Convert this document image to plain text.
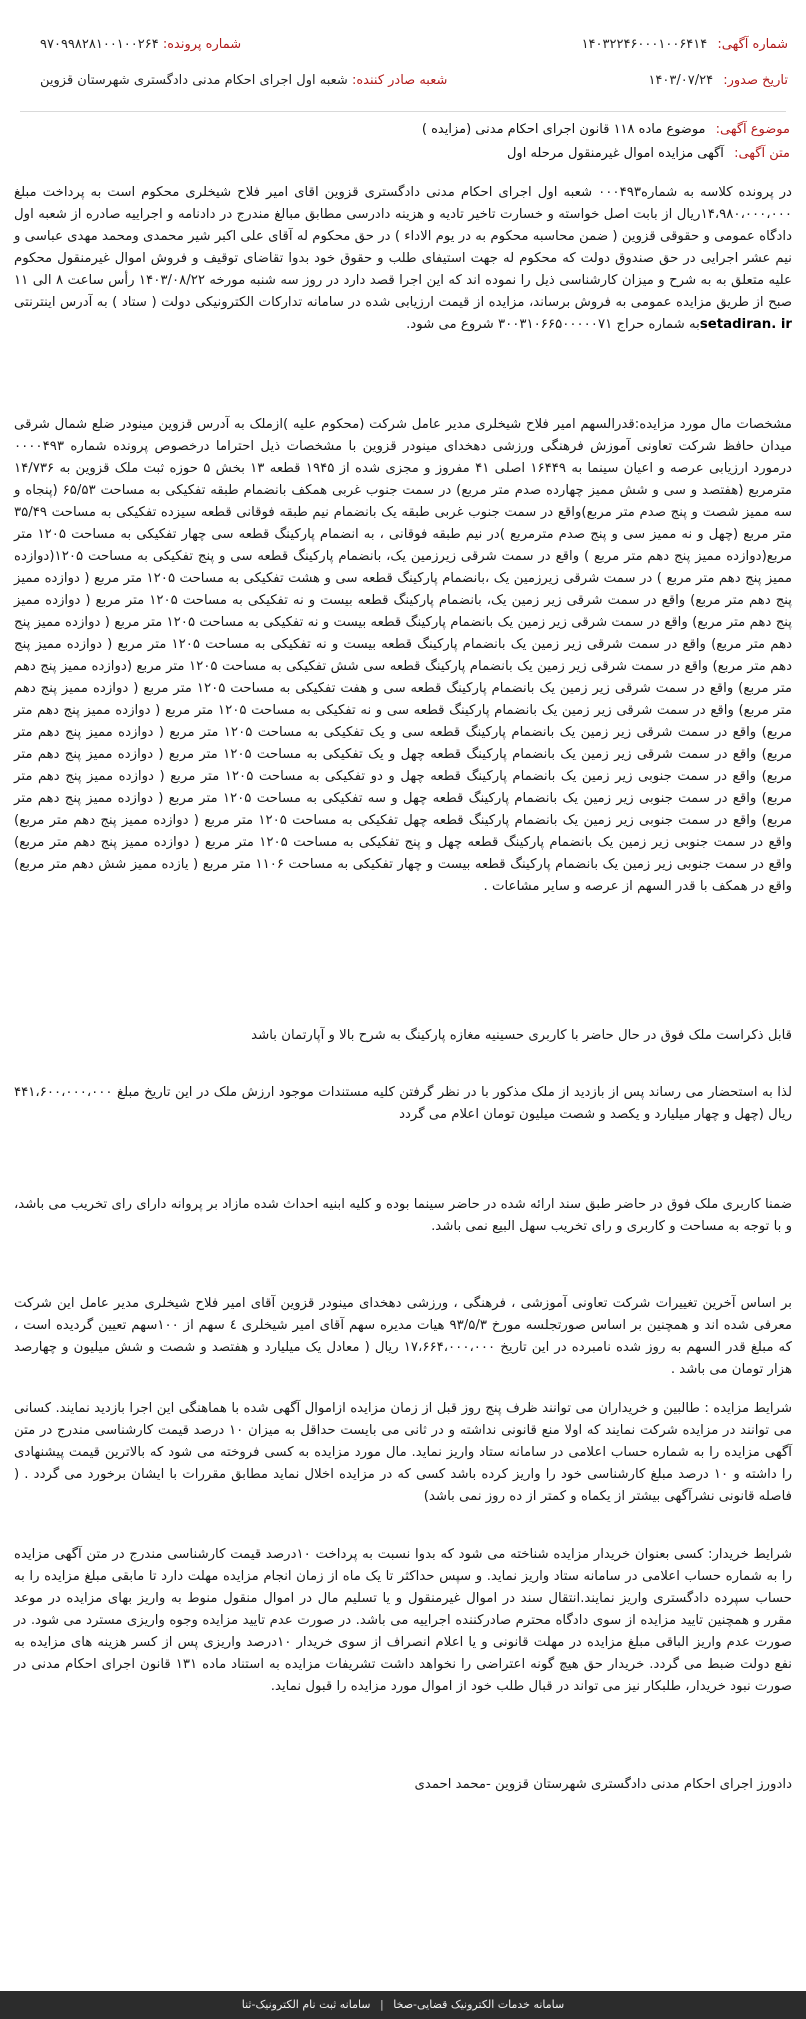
شماره آگهی: ۱۴۰۳۲۲۴۶۰۰۰۱۰۰۶۴۱۴
شماره پرونده: ۹۷۰۹۹۸۲۸۱۰۰۱۰۰۲۶۴
تاریخ صدور: ۱۴۰۳/۰۷/۲۴
شعبه صادر کننده: شعبه اول اجرای احکام مدنی دادگستری شهرستان قزوین
موضوع آگهی: موضوع ماده ۱۱۸ قانون اجرای احکام مدنی (مزایده )
متن آگهی: آگهی مزایده اموال غیرمنقول مرحله اول

در پرونده کلاسه به شماره۰۰۰۴۹۳ شعبه اول اجرای احکام مدنی دادگستری قزوین اقای امیر فلاح شیخلری محکوم است به پرداخت مبلغ ۱۴،۹۸۰،۰۰۰،۰۰۰ریال از بابت اصل خواسته و خسارت تاخیر تادیه و هزینه دادرسی مطابق مبالغ مندرج در دادنامه و اجراییه صادره از شعبه اول دادگاه عمومی و حقوقی قزوین ( ضمن محاسبه محکوم به در یوم الاداء ) در حق محکوم له آقای علی اکبر شیر محمدی ومحمد مهدی عباسی و نیم عشر اجرایی در حق صندوق دولت که محکوم له جهت استیفای طلب و حقوق خود بدوا تقاضای توقیف و فروش اموال غیرمنقول محکوم علیه متعلق به به شرح و میزان کارشناسی ذیل را نموده اند که این اجرا قصد دارد در روز سه شنبه مورخه ۱۴۰۳/۰۸/۲۲ رأس ساعت ۸ الی ۱۱ صبح از طریق مزایده عمومی به فروش برساند، مزایده از قیمت ارزیابی شده در سامانه تدارکات الکترونیکی دولت ( ستاد ) به آدرس اینترنتی setadiran. irبه شماره حراج ۳۰۰۳۱۰۶۶۵۰۰۰۰۰۷۱ شروع می شود.

مشخصات مال مورد مزایده:قدرالسهم امیر فلاح شیخلری مدیر عامل شرکت (محکوم علیه )ازملک به آدرس قزوین مینودر ضلع شمال شرقی میدان حافظ شرکت تعاونی آموزش فرهنگی ورزشی دهخدای مینودر قزوین با مشخصات ذیل احتراما درخصوص پرونده شماره ۰۰۰۰۴۹۳ درمورد ارزیابی عرصه و اعیان سینما به ۱۶۴۴۹ اصلی ۴۱ مفروز و مجزی شده از ۱۹۴۵ قطعه ۱۳ بخش ۵ حوزه ثبت ملک قزوین به ۱۴/۷۳۶ مترمربع (هفتصد و سی و شش ممیز چهارده صدم متر مربع) در سمت جنوب غربی همکف بانضمام طبقه تفکیکی به مساحت ۶۵/۵۳ (پنجاه و سه ممیز شصت و پنج صدم متر مربع)واقع در سمت جنوب غربی طبقه یک بانضمام نیم طبقه فوقانی قطعه سیزده تفکیکی به مساحت ۳۵/۴۹ متر مربع (چهل و نه ممیز سی و پنج صدم مترمربع )در نیم طبقه فوقانی ، به انضمام پارکینگ قطعه سی چهار تفکیکی به مساحت ۱۲۰۵ متر مربع(دوازده ممیز پنج دهم متر مربع ) واقع در سمت شرقی زیرزمین یک، بانضمام پارکینگ قطعه سی و پنج تفکیکی به مساحت ۱۲۰۵(دوازده ممیز پنج دهم متر مربع ) در سمت شرقی زیرزمین یک ،بانضمام پارکینگ قطعه سی و هشت تفکیکی به مساحت ۱۲۰۵ متر مربع ( دوازده ممیز پنج دهم متر مربع) واقع در سمت شرقی زیر زمین یک، بانضمام پارکینگ قطعه بیست و نه تفکیکی به مساحت ۱۲۰۵ متر مربع ( دوازده ممیز پنج دهم متر مربع) واقع در سمت شرقی زیر زمین یک بانضمام پارکینگ قطعه بیست و نه تفکیکی به مساحت ۱۲۰۵ متر مربع ( دوازده ممیز پنج دهم متر مربع) واقع در سمت شرقی زیر زمین یک بانضمام پارکینگ قطعه بیست و نه تفکیکی به مساحت ۱۲۰۵ متر مربع ( دوازده ممیز پنج دهم متر مربع) واقع در سمت شرقی زیر زمین یک بانضمام پارکینگ قطعه سی شش تفکیکی به مساحت ۱۲۰۵ متر مربع (دوازده ممیز پنج دهم متر مربع) واقع در سمت شرقی زیر زمین یک بانضمام پارکینگ قطعه سی و هفت تفکیکی به مساحت ۱۲۰۵ متر مربع ( دوازده ممیز پنج دهم متر مربع) واقع در سمت شرقی زیر زمین یک بانضمام پارکینگ قطعه سی و نه تفکیکی به مساحت ۱۲۰۵ متر مربع ( دوازده ممیز پنج دهم متر مربع) واقع در سمت شرقی زیر زمین یک بانضمام پارکینگ قطعه سی و یک تفکیکی به مساحت ۱۲۰۵ متر مربع ( دوازده ممیز پنج دهم متر مربع) واقع در سمت شرقی زیر زمین یک بانضمام پارکینگ قطعه چهل و یک تفکیکی به مساحت ۱۲۰۵ متر مربع ( دوازده ممیز پنج دهم متر مربع) واقع در سمت جنوبی زیر زمین یک بانضمام پارکینگ قطعه چهل و دو تفکیکی به مساحت ۱۲۰۵ متر مربع ( دوازده ممیز پنج دهم متر مربع) واقع در سمت جنوبی زیر زمین یک بانضمام پارکینگ قطعه چهل و سه تفکیکی به مساحت ۱۲۰۵ متر مربع ( دوازده ممیز پنج دهم متر مربع) واقع در سمت جنوبی زیر زمین یک بانضمام پارکینگ قطعه چهل تفکیکی به مساحت ۱۲۰۵ متر مربع ( دوازده ممیز پنج دهم متر مربع) واقع در سمت جنوبی زیر زمین یک بانضمام پارکینگ قطعه چهل و پنج تفکیکی به مساحت ۱۲۰۵ متر مربع ( دوازده ممیز پنج دهم متر مربع) واقع در سمت جنوبی زیر زمین یک بانضمام پارکینگ قطعه بیست و چهار تفکیکی به مساحت ۱۱۰۶ متر مربع ( یازده ممیز شش دهم متر مربع) واقع در همکف با قدر السهم از عرصه و سایر مشاعات .

قابل ذکراست ملک فوق در حال حاضر با کاربری حسینیه مغازه پارکینگ به شرح بالا و آپارتمان باشد

لذا به استحضار می رساند پس از بازدید از ملک مذکور با در نظر گرفتن کلیه مستندات موجود ارزش ملک در این تاریخ مبلغ ۴۴۱،۶۰۰،۰۰۰،۰۰۰ ریال (چهل و چهار میلیارد و یکصد و شصت میلیون تومان اعلام می گردد

ضمنا کاربری ملک فوق در حاضر طبق سند ارائه شده در حاضر سینما بوده و کلیه ابنیه احداث شده مازاد بر پروانه دارای رای تخریب می باشد، و با توجه به مساحت و کاربری و رای تخریب سهل البیع نمی باشد.

بر اساس آخرین تغییرات شرکت تعاونی آموزشی ، فرهنگی ، ورزشی دهخدای مینودر قزوین آقای امیر فلاح شیخلری مدیر عامل این شرکت معرفی شده اند و همچنین بر اساس صورتجلسه مورخ ۹۳/۵/۳ هیات مدیره سهم آقای امیر شیخلری ٤ سهم از ۱۰۰سهم تعیین گردیده است ، که مبلغ قدر السهم به روز شده نامبرده در این تاریخ ۱۷،۶۶۴،۰۰۰،۰۰۰ ریال ( معادل یک میلیارد و هفتصد و شصت و شش میلیون و چهارصد هزار تومان می باشد .

شرایط مزایده : طالبین و خریداران می توانند ظرف پنج روز قبل از زمان مزایده ازاموال آگهی شده با هماهنگی این اجرا بازدید نمایند. کسانی می توانند در مزایده شرکت نمایند که اولا منع قانونی نداشته و در ثانی می بایست حداقل به میزان ۱۰ درصد قیمت کارشناسی مندرج در متن آگهی مزایده را به شماره حساب اعلامی در سامانه ستاد واریز نماید. مال مورد مزایده به کسی فروخته می شود که بالاترین قیمت پیشنهادی را داشته و ۱۰ درصد مبلغ کارشناسی خود را واریز کرده باشد کسی که در مزایده اخلال نماید مطابق مقررات با ایشان برخورد می گردد . ( فاصله قانونی نشرآگهی بیشتر از یکماه و کمتر از ده روز نمی باشد)

شرایط خریدار: کسی بعنوان خریدار مزایده شناخته می شود که بدوا نسبت به پرداخت ۱۰درصد قیمت کارشناسی مندرج در متن آگهی مزایده را به شماره حساب اعلامی در سامانه ستاد واریز نماید. و سپس حداکثر تا یک ماه از زمان انجام مزایده مهلت دارد تا مابقی مبلغ مزایده را به حساب سپرده دادگستری واریز نمایند.انتقال سند در اموال غیرمنقول و یا تسلیم مال در اموال منقول منوط به واریز بهای مزایده در موعد مقرر و همچنین تایید مزایده از سوی دادگاه محترم صادرکننده اجراییه می باشد. در صورت عدم تایید مزایده وجوه واریزی مسترد می شود. در صورت عدم واریز الباقی مبلغ مزایده در مهلت قانونی و یا اعلام انصراف از سوی خریدار ۱۰درصد واریزی پس از کسر هزینه های مزایده به نفع دولت ضبط می گردد. خریدار حق هیچ گونه اعتراضی را نخواهد داشت تشریفات مزایده به استناد ماده ۱۳۱ قانون اجرای احکام مدنی در صورت نبود خریدار، طلبکار نیز می تواند در قبال طلب خود از اموال مورد مزایده را قبول نماید.

دادورز اجرای احکام مدنی دادگستری شهرستان قزوین -محمد احمدی

سامانه خدمات الکترونیک قضایی-صخا | سامانه ثبت نام الکترونیک-ثنا
